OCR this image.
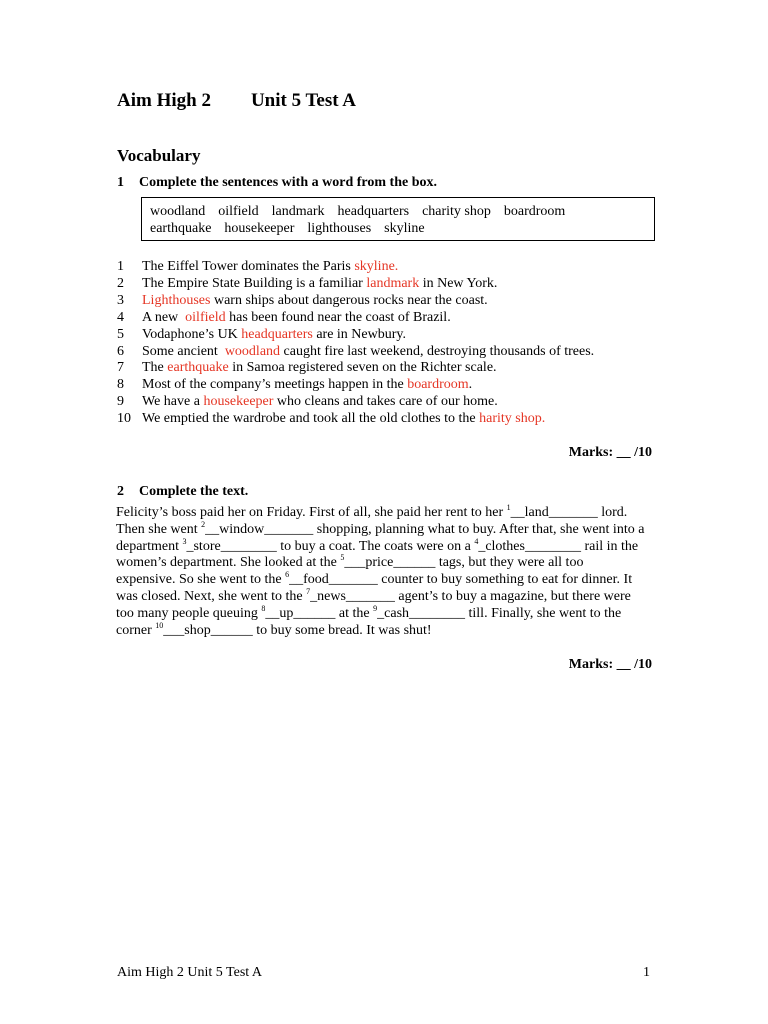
Aim High 2 Unit 5 Test A
Vocabulary
1 Complete the sentences with a word from the box.
woodland oilfield landmark headquarters charity shop boardroom
earthquake housekeeper lighthouses skyline
1	The Eiffel Tower dominates the Paris skyline.
2	The Empire State Building is a familiar landmark in New York.
3	Lighthouses warn ships about dangerous rocks near the coast.
4	A new  oilfield has been found near the coast of Brazil.
5	Vodaphone’s UK headquarters are in Newbury.
6	Some ancient  woodland caught fire last weekend, destroying thousands of trees.
7	The earthquake in Samoa registered seven on the Richter scale.
8	Most of the company’s meetings happen in the boardroom.
9	We have a housekeeper who cleans and takes care of our home.
10 We emptied the wardrobe and took all the old clothes to the harity shop.
Marks: __ /10
2 Complete the text.
Felicity’s boss paid her on Friday. First of all, she paid her rent to her $^1$__land_______ lord. Then she went $^2$__window_______ shopping, planning what to buy. After that, she went into a department $^3$_store________ to buy a coat. The coats were on a $^4$_clothes________ rail in the women’s department. She looked at the $^5$___price______ tags, but they were all too expensive. So she went to the $^6$__food_______ counter to buy something to eat for dinner. It was closed. Next, she went to the $^7$_news_______ agent’s to buy a magazine, but there were too many people queuing $^8$__up______ at the $^9$_cash________ till. Finally, she went to the corner $^{10}$___shop______ to buy some bread. It was shut!
Marks: __ /10
Aim High 2 Unit 5 Test A	1
